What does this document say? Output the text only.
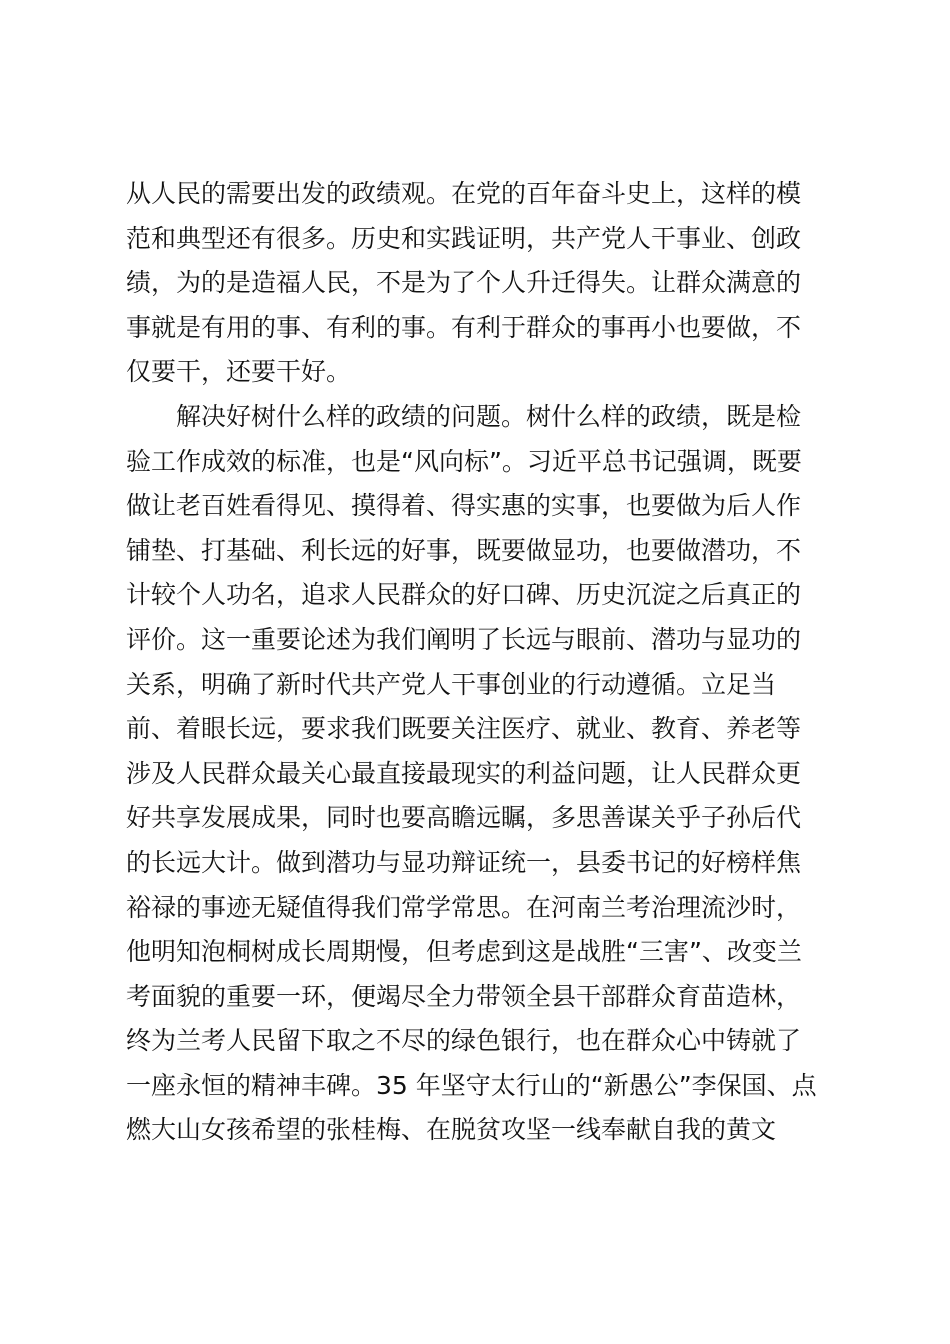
从人民的需要出发的政绩观。在党的百年奋斗史上，这样的模
范和典型还有很多。历史和实践证明，共产党人干事业、创政
绩，为的是造福人民，不是为了个人升迁得失。让群众满意的
事就是有用的事、有利的事。有利于群众的事再小也要做，不
仅要干，还要干好。
　　解决好树什么样的政绩的问题。树什么样的政绩，既是检
验工作成效的标准，也是“风向标”。习近平总书记强调，既要
做让老百姓看得见、摸得着、得实惠的实事，也要做为后人作
铺垫、打基础、利长远的好事，既要做显功，也要做潜功，不
计较个人功名，追求人民群众的好口碑、历史沉淀之后真正的
评价。这一重要论述为我们阐明了长远与眼前、潜功与显功的
关系，明确了新时代共产党人干事创业的行动遵循。立足当
前、着眼长远，要求我们既要关注医疗、就业、教育、养老等
涉及人民群众最关心最直接最现实的利益问题，让人民群众更
好共享发展成果，同时也要高瞻远瞩，多思善谋关乎子孙后代
的长远大计。做到潜功与显功辩证统一，县委书记的好榜样焦
裕禄的事迹无疑值得我们常学常思。在河南兰考治理流沙时，
他明知泡桐树成长周期慢，但考虑到这是战胜“三害”、改变兰
考面貌的重要一环，便竭尽全力带领全县干部群众育苗造林，
终为兰考人民留下取之不尽的绿色银行，也在群众心中铸就了
一座永恒的精神丰碑。35 年坚守太行山的“新愚公”李保国、点
燃大山女孩希望的张桂梅、在脱贫攻坚一线奉献自我的黄文
